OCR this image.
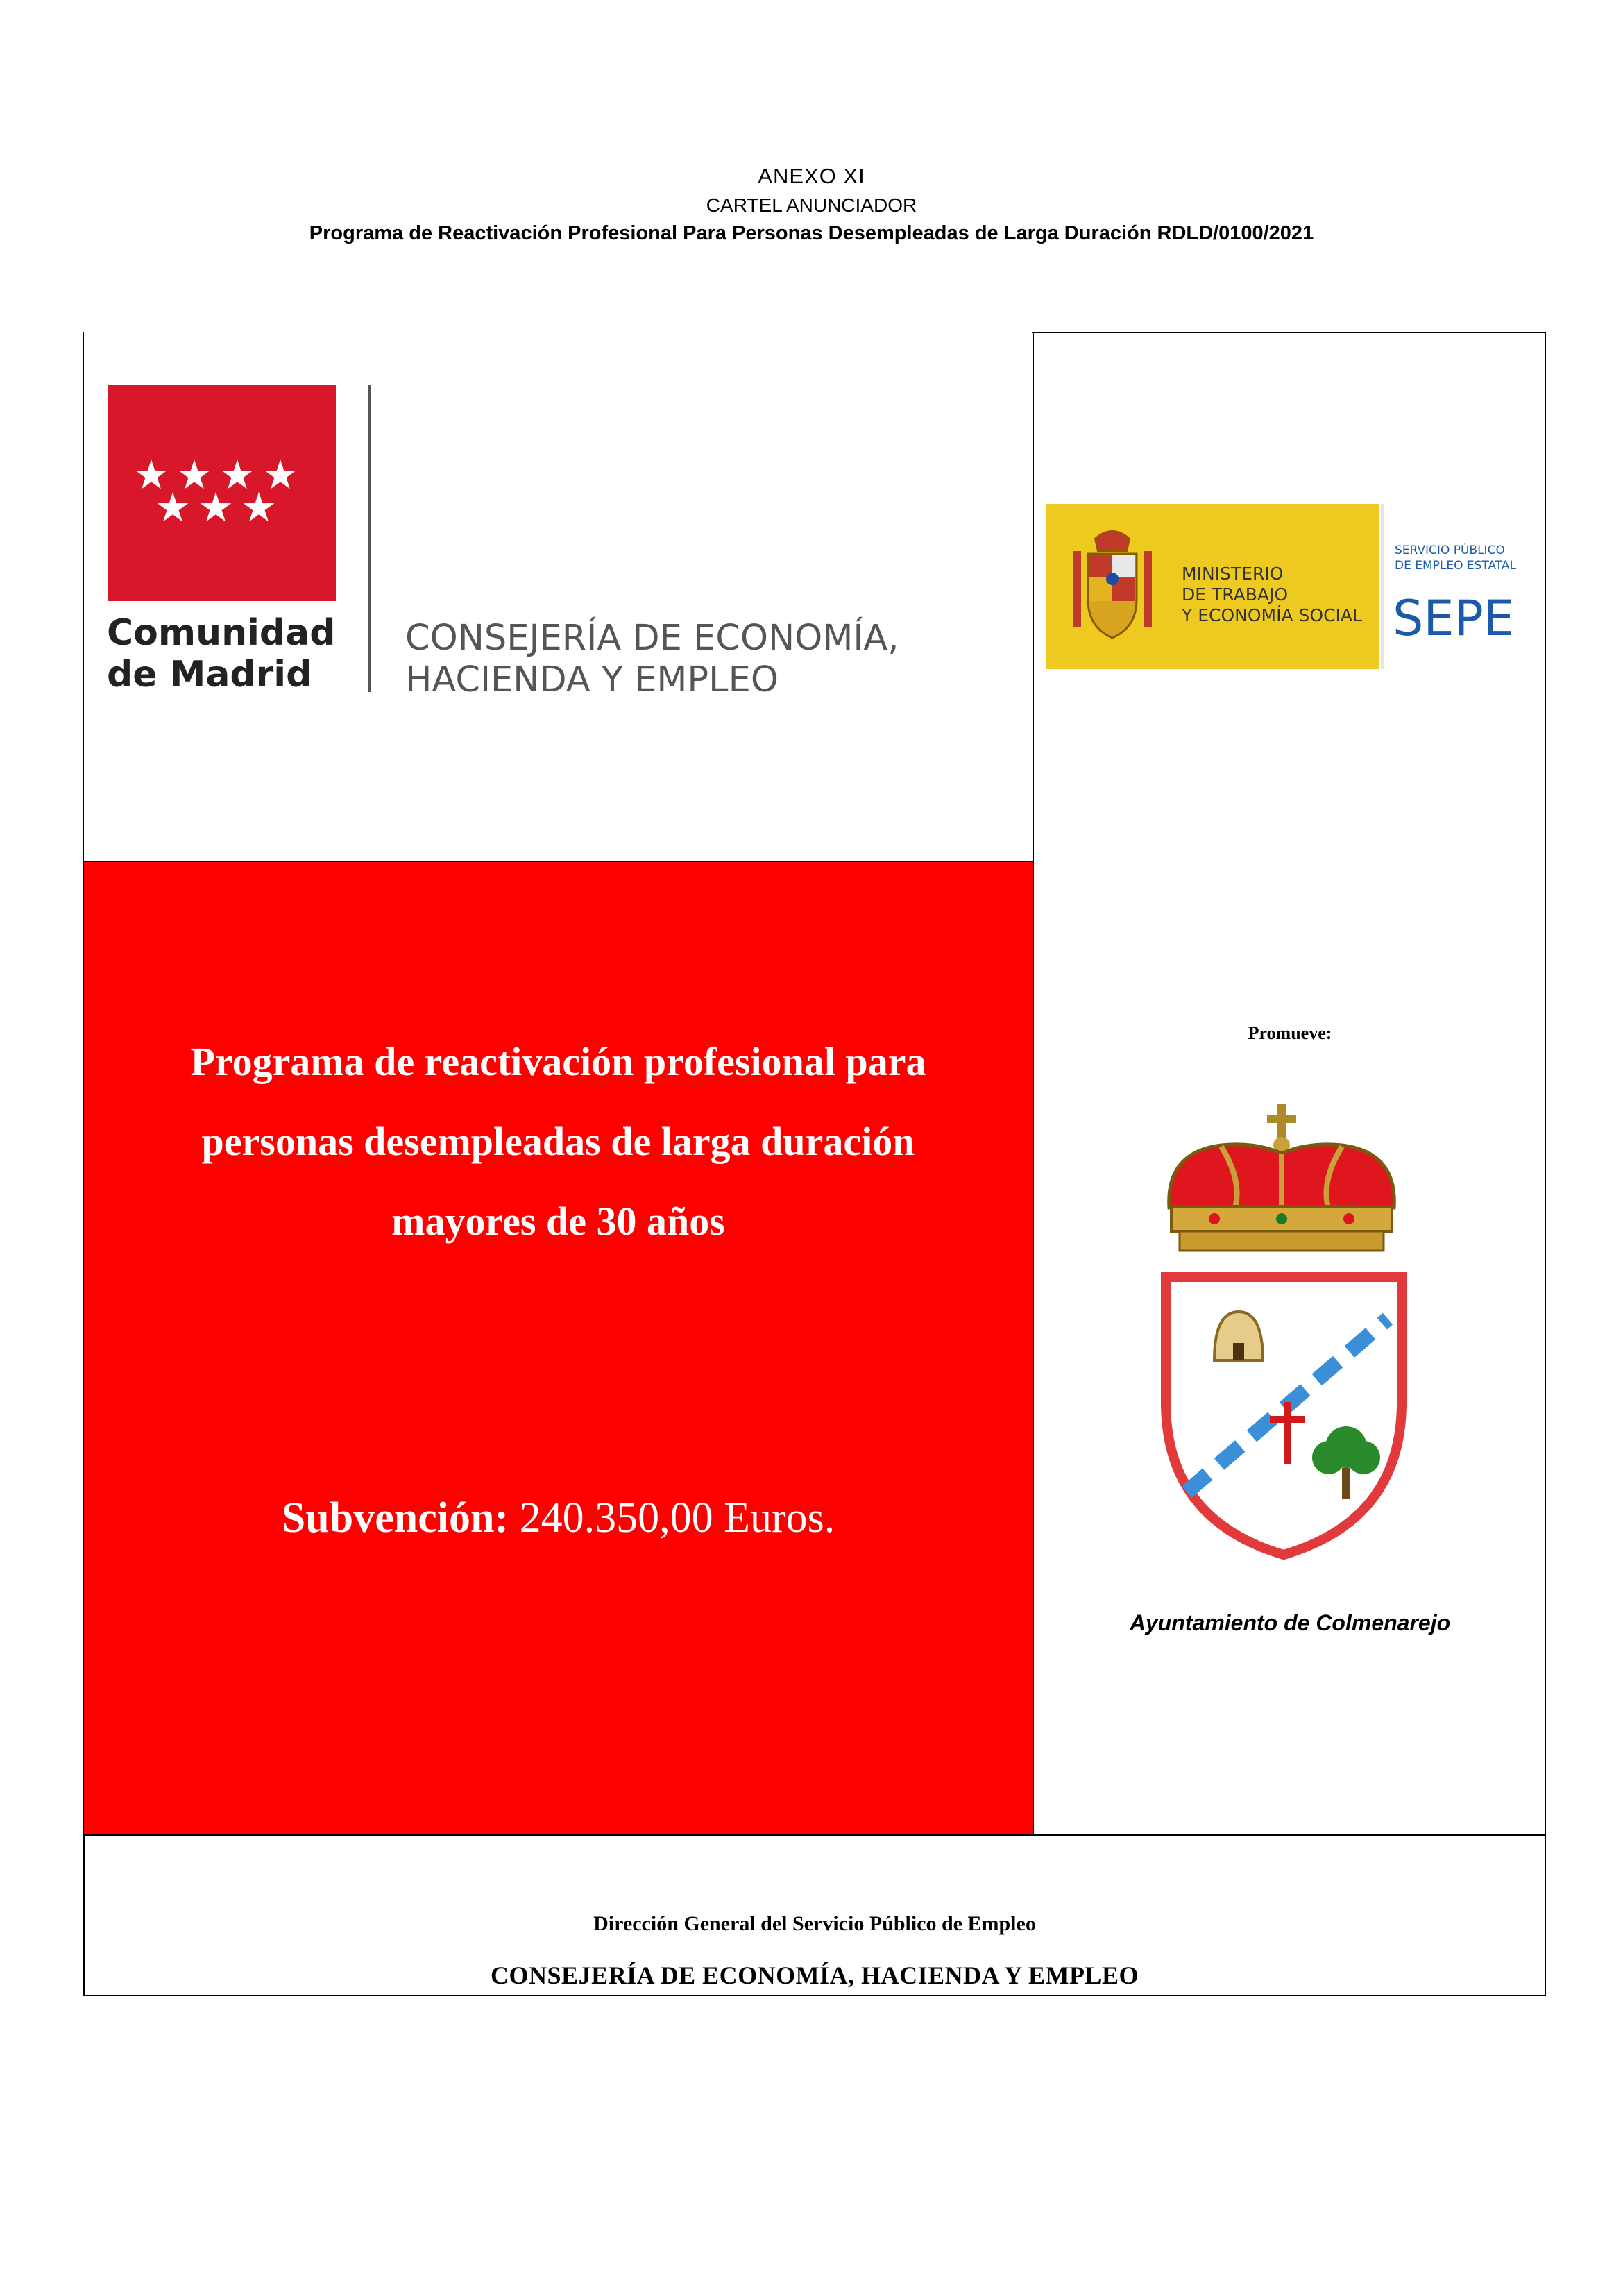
ANEXO XI
CARTEL ANUNCIADOR
Programa de Reactivación Profesional Para Personas Desempleadas de Larga Duración RDLD/0100/2021
★ ★ ★ ★
★ ★ ★
Comunidad
de Madrid
CONSEJERÍA DE ECONOMÍA,
HACIENDA Y EMPLEO
MINISTERIO
DE TRABAJO
Y ECONOMÍA SOCIAL
SERVICIO PÚBLICO
DE EMPLEO ESTATAL
SEPE
Programa de reactivación profesional para
personas desempleadas de larga duración
mayores de 30 años
Subvención: 240.350,00 Euros.
Promueve:
Ayuntamiento de Colmenarejo
Dirección General del Servicio Público de Empleo
CONSEJERÍA DE ECONOMÍA, HACIENDA Y EMPLEO
